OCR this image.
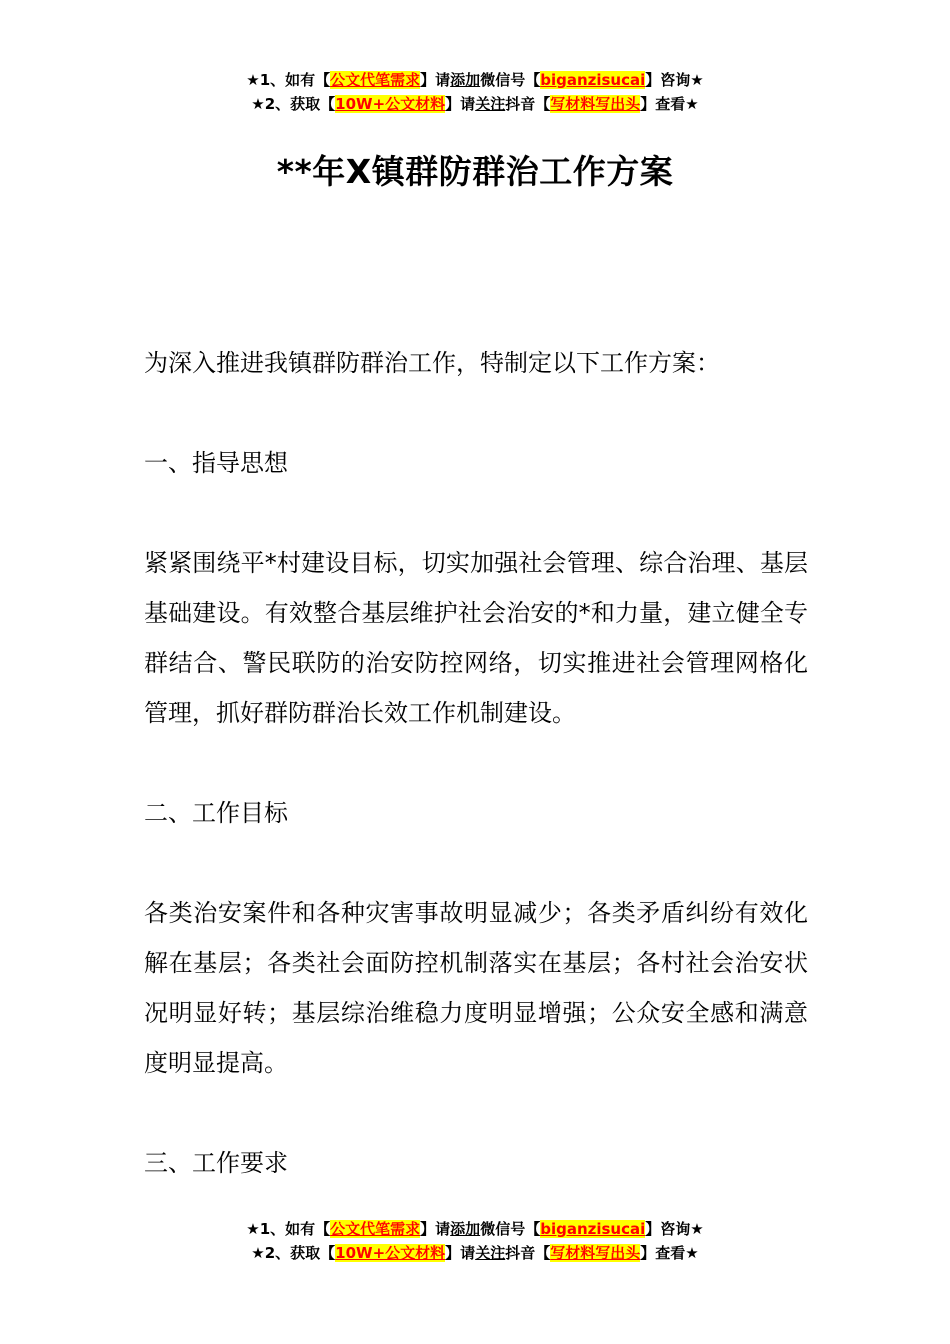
★1、如有【公文代笔需求】请添加微信号【biganzisucai】咨询★
★2、获取【10W+公文材料】请关注抖音【写材料写出头】查看★
**年X镇群防群治工作方案

为深入推进我镇群防群治工作，特制定以下工作方案：

一、指导思想

紧紧围绕平*村建设目标，切实加强社会管理、综合治理、基层基础建设。有效整合基层维护社会治安的*和力量，建立健全专群结合、警民联防的治安防控网络，切实推进社会管理网格化管理，抓好群防群治长效工作机制建设。

二、工作目标

各类治安案件和各种灾害事故明显减少；各类矛盾纠纷有效化解在基层；各类社会面防控机制落实在基层；各村社会治安状况明显好转；基层综治维稳力度明显增强；公众安全感和满意度明显提高。

三、工作要求

★1、如有【公文代笔需求】请添加微信号【biganzisucai】咨询★
★2、获取【10W+公文材料】请关注抖音【写材料写出头】查看★
